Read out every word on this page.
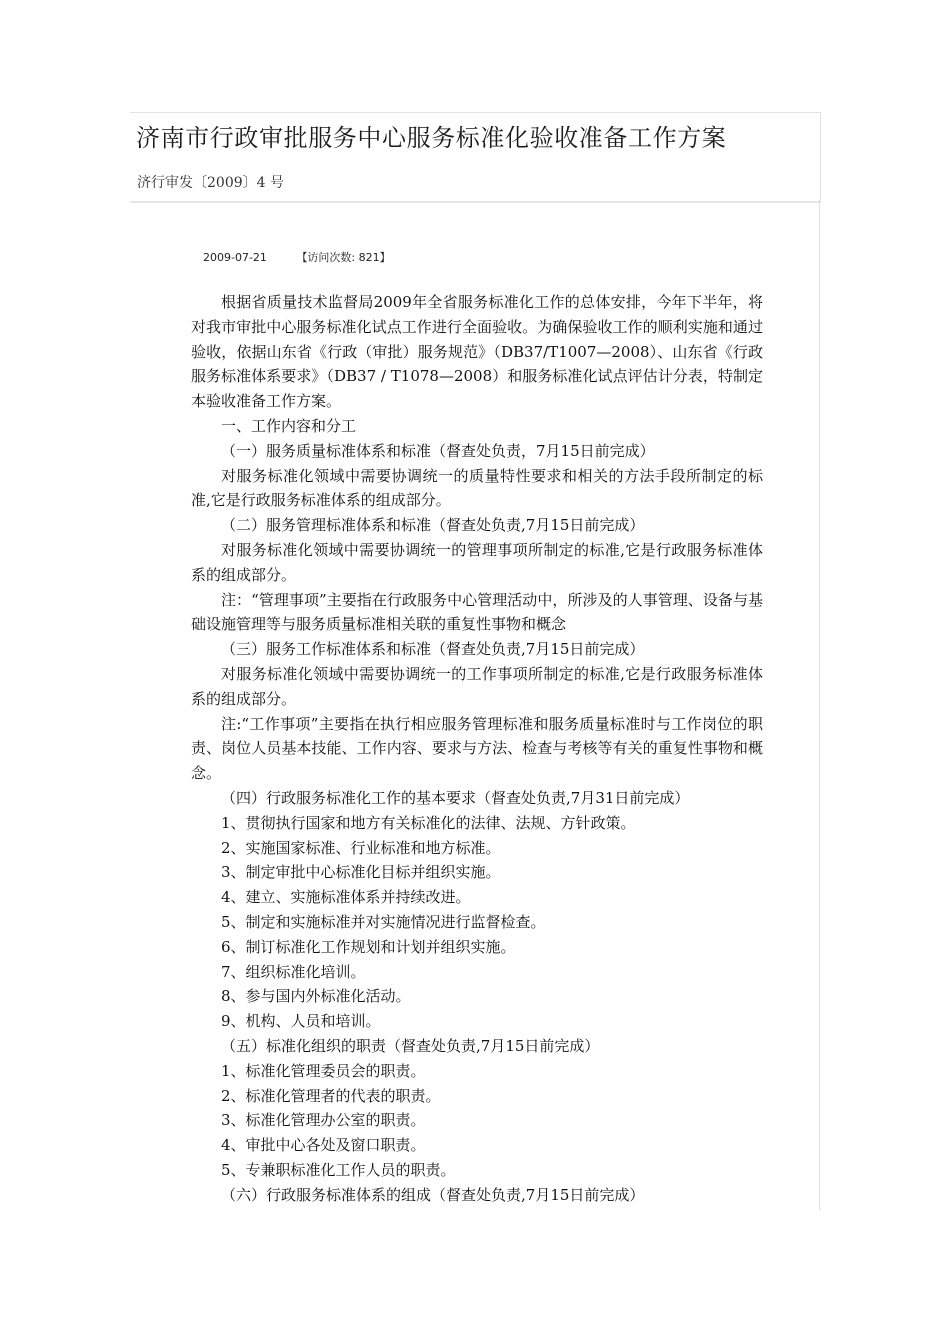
济南市行政审批服务中心服务标准化验收准备工作方案
济行审发〔2009〕4 号
2009-07-21	【访问次数: 821】

根据省质量技术监督局2009年全省服务标准化工作的总体安排，今年下半年，将对我市审批中心服务标准化试点工作进行全面验收。为确保验收工作的顺利实施和通过验收，依据山东省《行政（审批）服务规范》（DB37/T1007—2008）、山东省《行政服务标准体系要求》（DB37 / T1078—2008）和服务标准化试点评估计分表，特制定本验收准备工作方案。

一、工作内容和分工

（一）服务质量标准体系和标准（督查处负责，7月15日前完成）

对服务标准化领域中需要协调统一的质量特性要求和相关的方法手段所制定的标准,它是行政服务标准体系的组成部分。

（二）服务管理标准体系和标准（督查处负责,7月15日前完成）

对服务标准化领域中需要协调统一的管理事项所制定的标准,它是行政服务标准体系的组成部分。

注：“管理事项”主要指在行政服务中心管理活动中，所涉及的人事管理、设备与基础设施管理等与服务质量标准相关联的重复性事物和概念

（三）服务工作标准体系和标准（督查处负责,7月15日前完成）

对服务标准化领域中需要协调统一的工作事项所制定的标准,它是行政服务标准体系的组成部分。

注:“工作事项”主要指在执行相应服务管理标准和服务质量标准时与工作岗位的职责、岗位人员基本技能、工作内容、要求与方法、检查与考核等有关的重复性事物和概念。

（四）行政服务标准化工作的基本要求（督查处负责,7月31日前完成）

1、贯彻执行国家和地方有关标准化的法律、法规、方针政策。

2、实施国家标准、行业标准和地方标准。

3、制定审批中心标准化目标并组织实施。

4、建立、实施标准体系并持续改进。

5、制定和实施标准并对实施情况进行监督检查。

6、制订标准化工作规划和计划并组织实施。

7、组织标准化培训。

8、参与国内外标准化活动。

9、机构、人员和培训。

（五）标准化组织的职责（督查处负责,7月15日前完成）

1、标准化管理委员会的职责。

2、标准化管理者的代表的职责。

3、标准化管理办公室的职责。

4、审批中心各处及窗口职责。

5、专兼职标准化工作人员的职责。

（六）行政服务标准体系的组成（督查处负责,7月15日前完成）
